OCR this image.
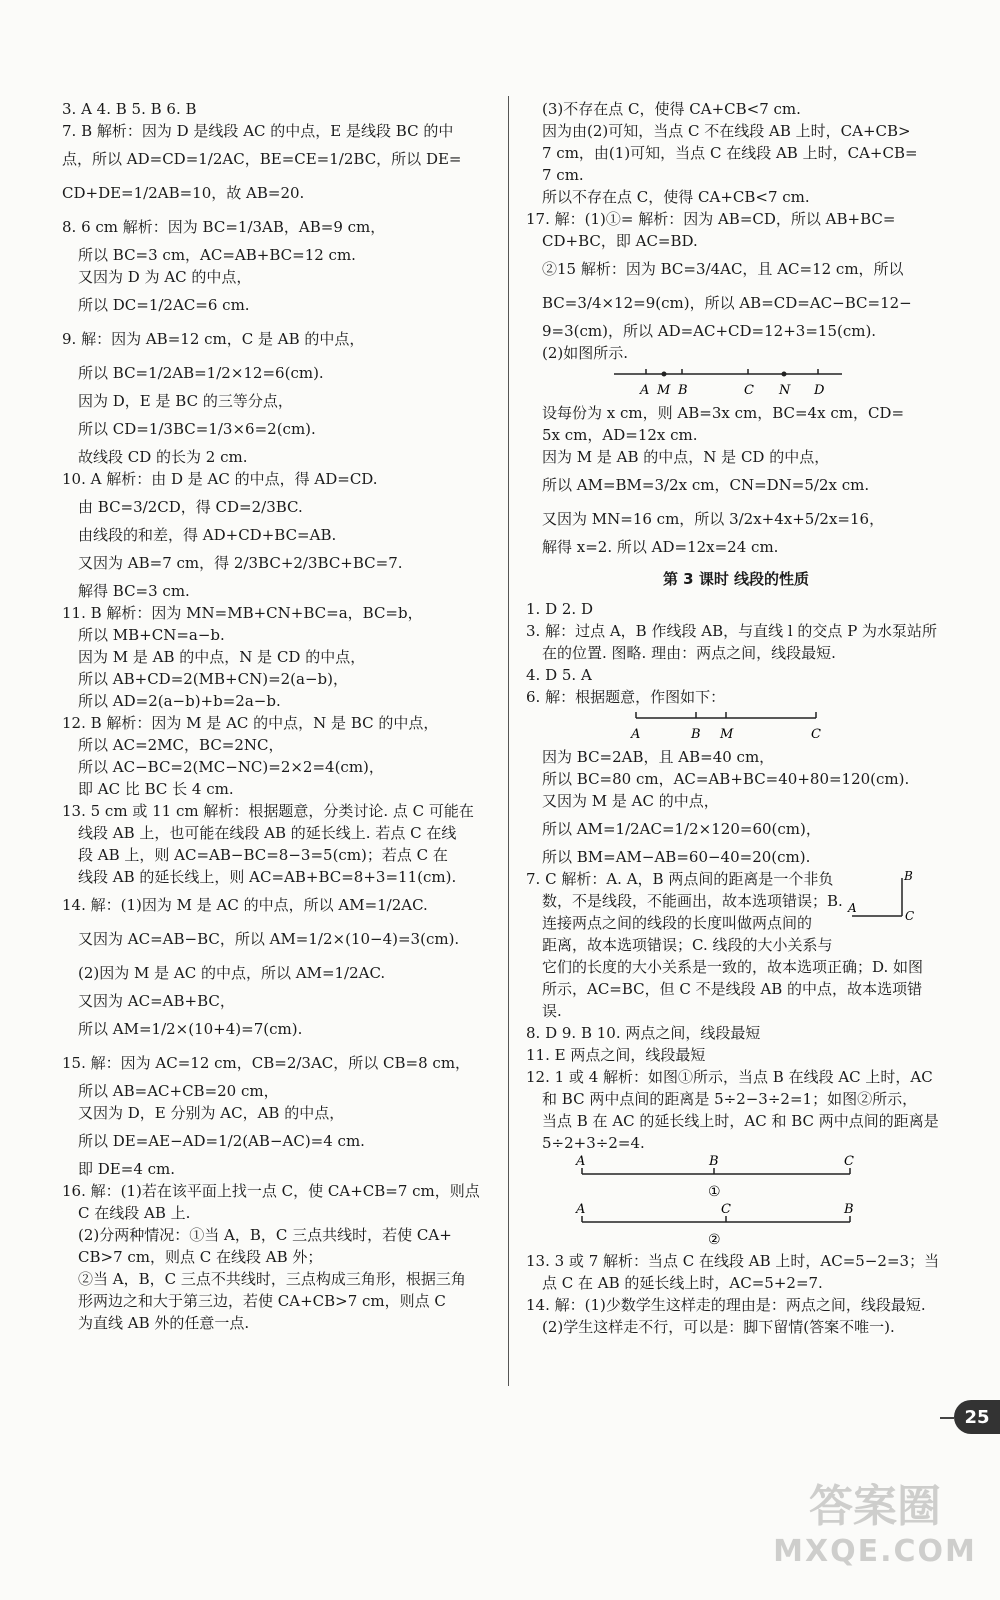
3. A 4. B 5. B 6. B
7. B 解析：因为 D 是线段 AC 的中点，E 是线段 BC 的中
点，所以 AD=CD=1/2AC，BE=CE=1/2BC，所以 DE=
CD+DE=1/2AB=10，故 AB=20.
8. 6 cm 解析：因为 BC=1/3AB，AB=9 cm，
所以 BC=3 cm，AC=AB+BC=12 cm.
又因为 D 为 AC 的中点，
所以 DC=1/2AC=6 cm.
9. 解：因为 AB=12 cm，C 是 AB 的中点，
所以 BC=1/2AB=1/2×12=6(cm).
因为 D，E 是 BC 的三等分点，
所以 CD=1/3BC=1/3×6=2(cm).
故线段 CD 的长为 2 cm.
10. A 解析：由 D 是 AC 的中点，得 AD=CD.
由 BC=3/2CD，得 CD=2/3BC.
由线段的和差，得 AD+CD+BC=AB.
又因为 AB=7 cm，得 2/3BC+2/3BC+BC=7.
解得 BC=3 cm.
11. B 解析：因为 MN=MB+CN+BC=a，BC=b，
所以 MB+CN=a−b.
因为 M 是 AB 的中点，N 是 CD 的中点，
所以 AB+CD=2(MB+CN)=2(a−b)，
所以 AD=2(a−b)+b=2a−b.
12. B 解析：因为 M 是 AC 的中点，N 是 BC 的中点，
所以 AC=2MC，BC=2NC，
所以 AC−BC=2(MC−NC)=2×2=4(cm)，
即 AC 比 BC 长 4 cm.
13. 5 cm 或 11 cm 解析：根据题意，分类讨论. 点 C 可能在
线段 AB 上，也可能在线段 AB 的延长线上. 若点 C 在线
段 AB 上，则 AC=AB−BC=8−3=5(cm)；若点 C 在
线段 AB 的延长线上，则 AC=AB+BC=8+3=11(cm).
14. 解：(1)因为 M 是 AC 的中点，所以 AM=1/2AC.
又因为 AC=AB−BC，所以 AM=1/2×(10−4)=3(cm).
(2)因为 M 是 AC 的中点，所以 AM=1/2AC.
又因为 AC=AB+BC，
所以 AM=1/2×(10+4)=7(cm).
15. 解：因为 AC=12 cm，CB=2/3AC，所以 CB=8 cm，
所以 AB=AC+CB=20 cm，
又因为 D，E 分别为 AC，AB 的中点，
所以 DE=AE−AD=1/2(AB−AC)=4 cm.
即 DE=4 cm.
16. 解：(1)若在该平面上找一点 C，使 CA+CB=7 cm，则点
C 在线段 AB 上.
(2)分两种情况：①当 A，B，C 三点共线时，若使 CA+
CB>7 cm，则点 C 在线段 AB 外；
②当 A，B，C 三点不共线时，三点构成三角形，根据三角
形两边之和大于第三边，若使 CA+CB>7 cm，则点 C
为直线 AB 外的任意一点.
(3)不存在点 C，使得 CA+CB<7 cm.
因为由(2)可知，当点 C 不在线段 AB 上时，CA+CB>
7 cm，由(1)可知，当点 C 在线段 AB 上时，CA+CB=
7 cm.
所以不存在点 C，使得 CA+CB<7 cm.
17. 解：(1)①= 解析：因为 AB=CD，所以 AB+BC=
CD+BC，即 AC=BD.
②15 解析：因为 BC=3/4AC，且 AC=12 cm，所以
BC=3/4×12=9(cm)，所以 AB=CD=AC−BC=12−
9=3(cm)，所以 AD=AC+CD=12+3=15(cm).
(2)如图所示.
A M B	C N D
设每份为 x cm，则 AB=3x cm，BC=4x cm，CD=
5x cm，AD=12x cm.
因为 M 是 AB 的中点，N 是 CD 的中点，
所以 AM=BM=3/2x cm，CN=DN=5/2x cm.
又因为 MN=16 cm，所以 3/2x+4x+5/2x=16，
解得 x=2. 所以 AD=12x=24 cm.
第 3 课时 线段的性质
1. D 2. D
3. 解：过点 A，B 作线段 AB，与直线 l 的交点 P 为水泵站所
在的位置. 图略. 理由：两点之间，线段最短.
4. D 5. A
6. 解：根据题意，作图如下：
A	B M	C
因为 BC=2AB，且 AB=40 cm，
所以 BC=80 cm，AC=AB+BC=40+80=120(cm).
又因为 M 是 AC 的中点，
所以 AM=1/2AC=1/2×120=60(cm)，
所以 BM=AM−AB=60−40=20(cm).
7. C 解析：A. A，B 两点间的距离是一个非负
数，不是线段，不能画出，故本选项错误；B.
连接两点之间的线段的长度叫做两点间的
距离，故本选项错误；C. 线段的大小关系与
它们的长度的大小关系是一致的，故本选项正确；D. 如图
所示，AC=BC，但 C 不是线段 AB 的中点，故本选项错
误.
A
B
C
8. D 9. B 10. 两点之间，线段最短
11. E 两点之间，线段最短
12. 1 或 4 解析：如图①所示，当点 B 在线段 AC 上时，AC
和 BC 两中点间的距离是 5÷2−3÷2=1；如图②所示，
当点 B 在 AC 的延长线上时，AC 和 BC 两中点间的距离是
5÷2+3÷2=4.
A	B	C
①
A	C	B
②
13. 3 或 7 解析：当点 C 在线段 AB 上时，AC=5−2=3；当
点 C 在 AB 的延长线上时，AC=5+2=7.
14. 解：(1)少数学生这样走的理由是：两点之间，线段最短.
(2)学生这样走不行，可以是：脚下留情(答案不唯一).
25
答案圈
MXQE.COM
